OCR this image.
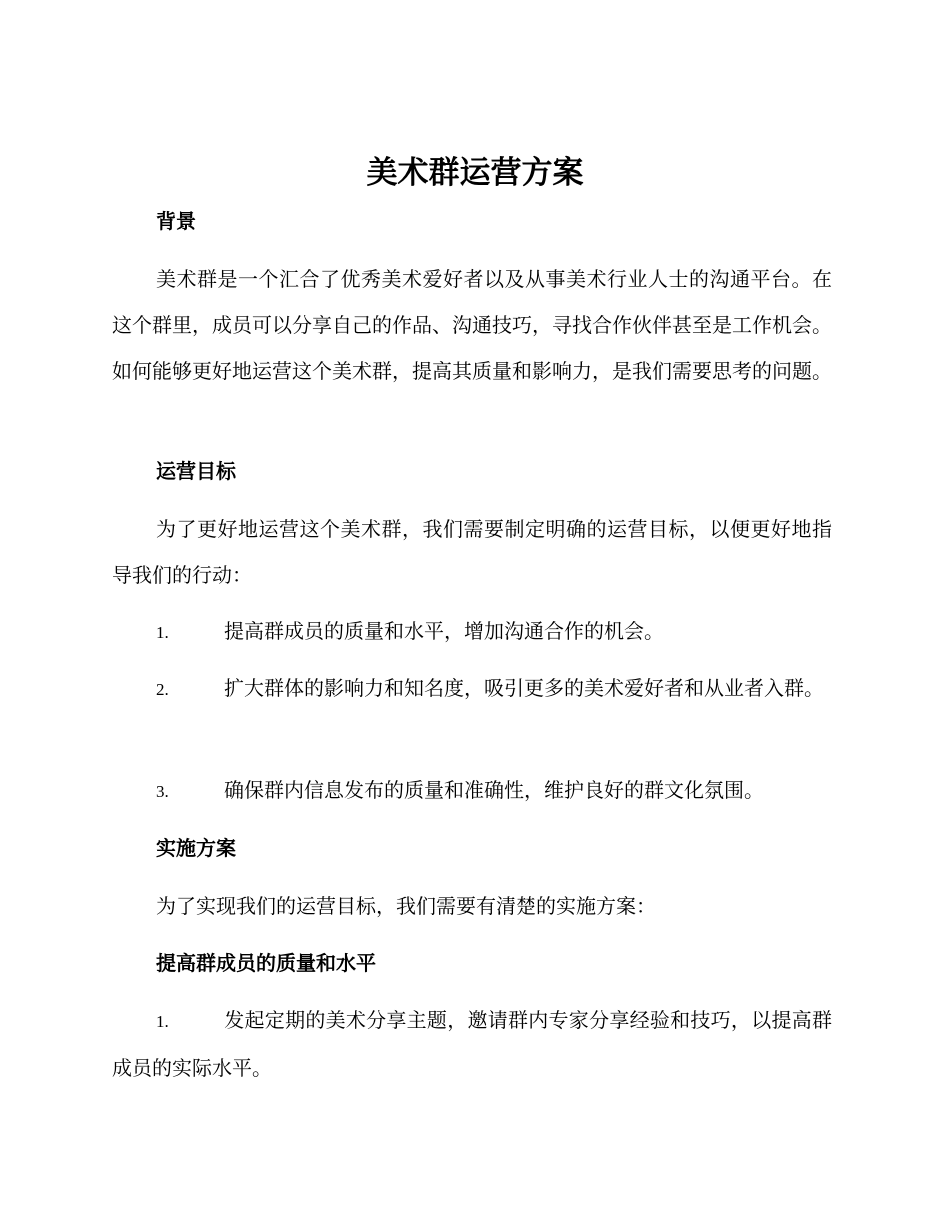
美术群运营方案
背景

美术群是一个汇合了优秀美术爱好者以及从事美术行业人士的沟通平台。在这个群里，成员可以分享自己的作品、沟通技巧，寻找合作伙伴甚至是工作机会。如何能够更好地运营这个美术群，提高其质量和影响力，是我们需要思考的问题。

运营目标

为了更好地运营这个美术群，我们需要制定明确的运营目标，以便更好地指导我们的行动：

1.	提高群成员的质量和水平，增加沟通合作的机会。

2.	扩大群体的影响力和知名度，吸引更多的美术爱好者和从业者入群。

3.	确保群内信息发布的质量和准确性，维护良好的群文化氛围。

实施方案

为了实现我们的运营目标，我们需要有清楚的实施方案：

提高群成员的质量和水平

1.	发起定期的美术分享主题，邀请群内专家分享经验和技巧，以提高群成员的实际水平。
